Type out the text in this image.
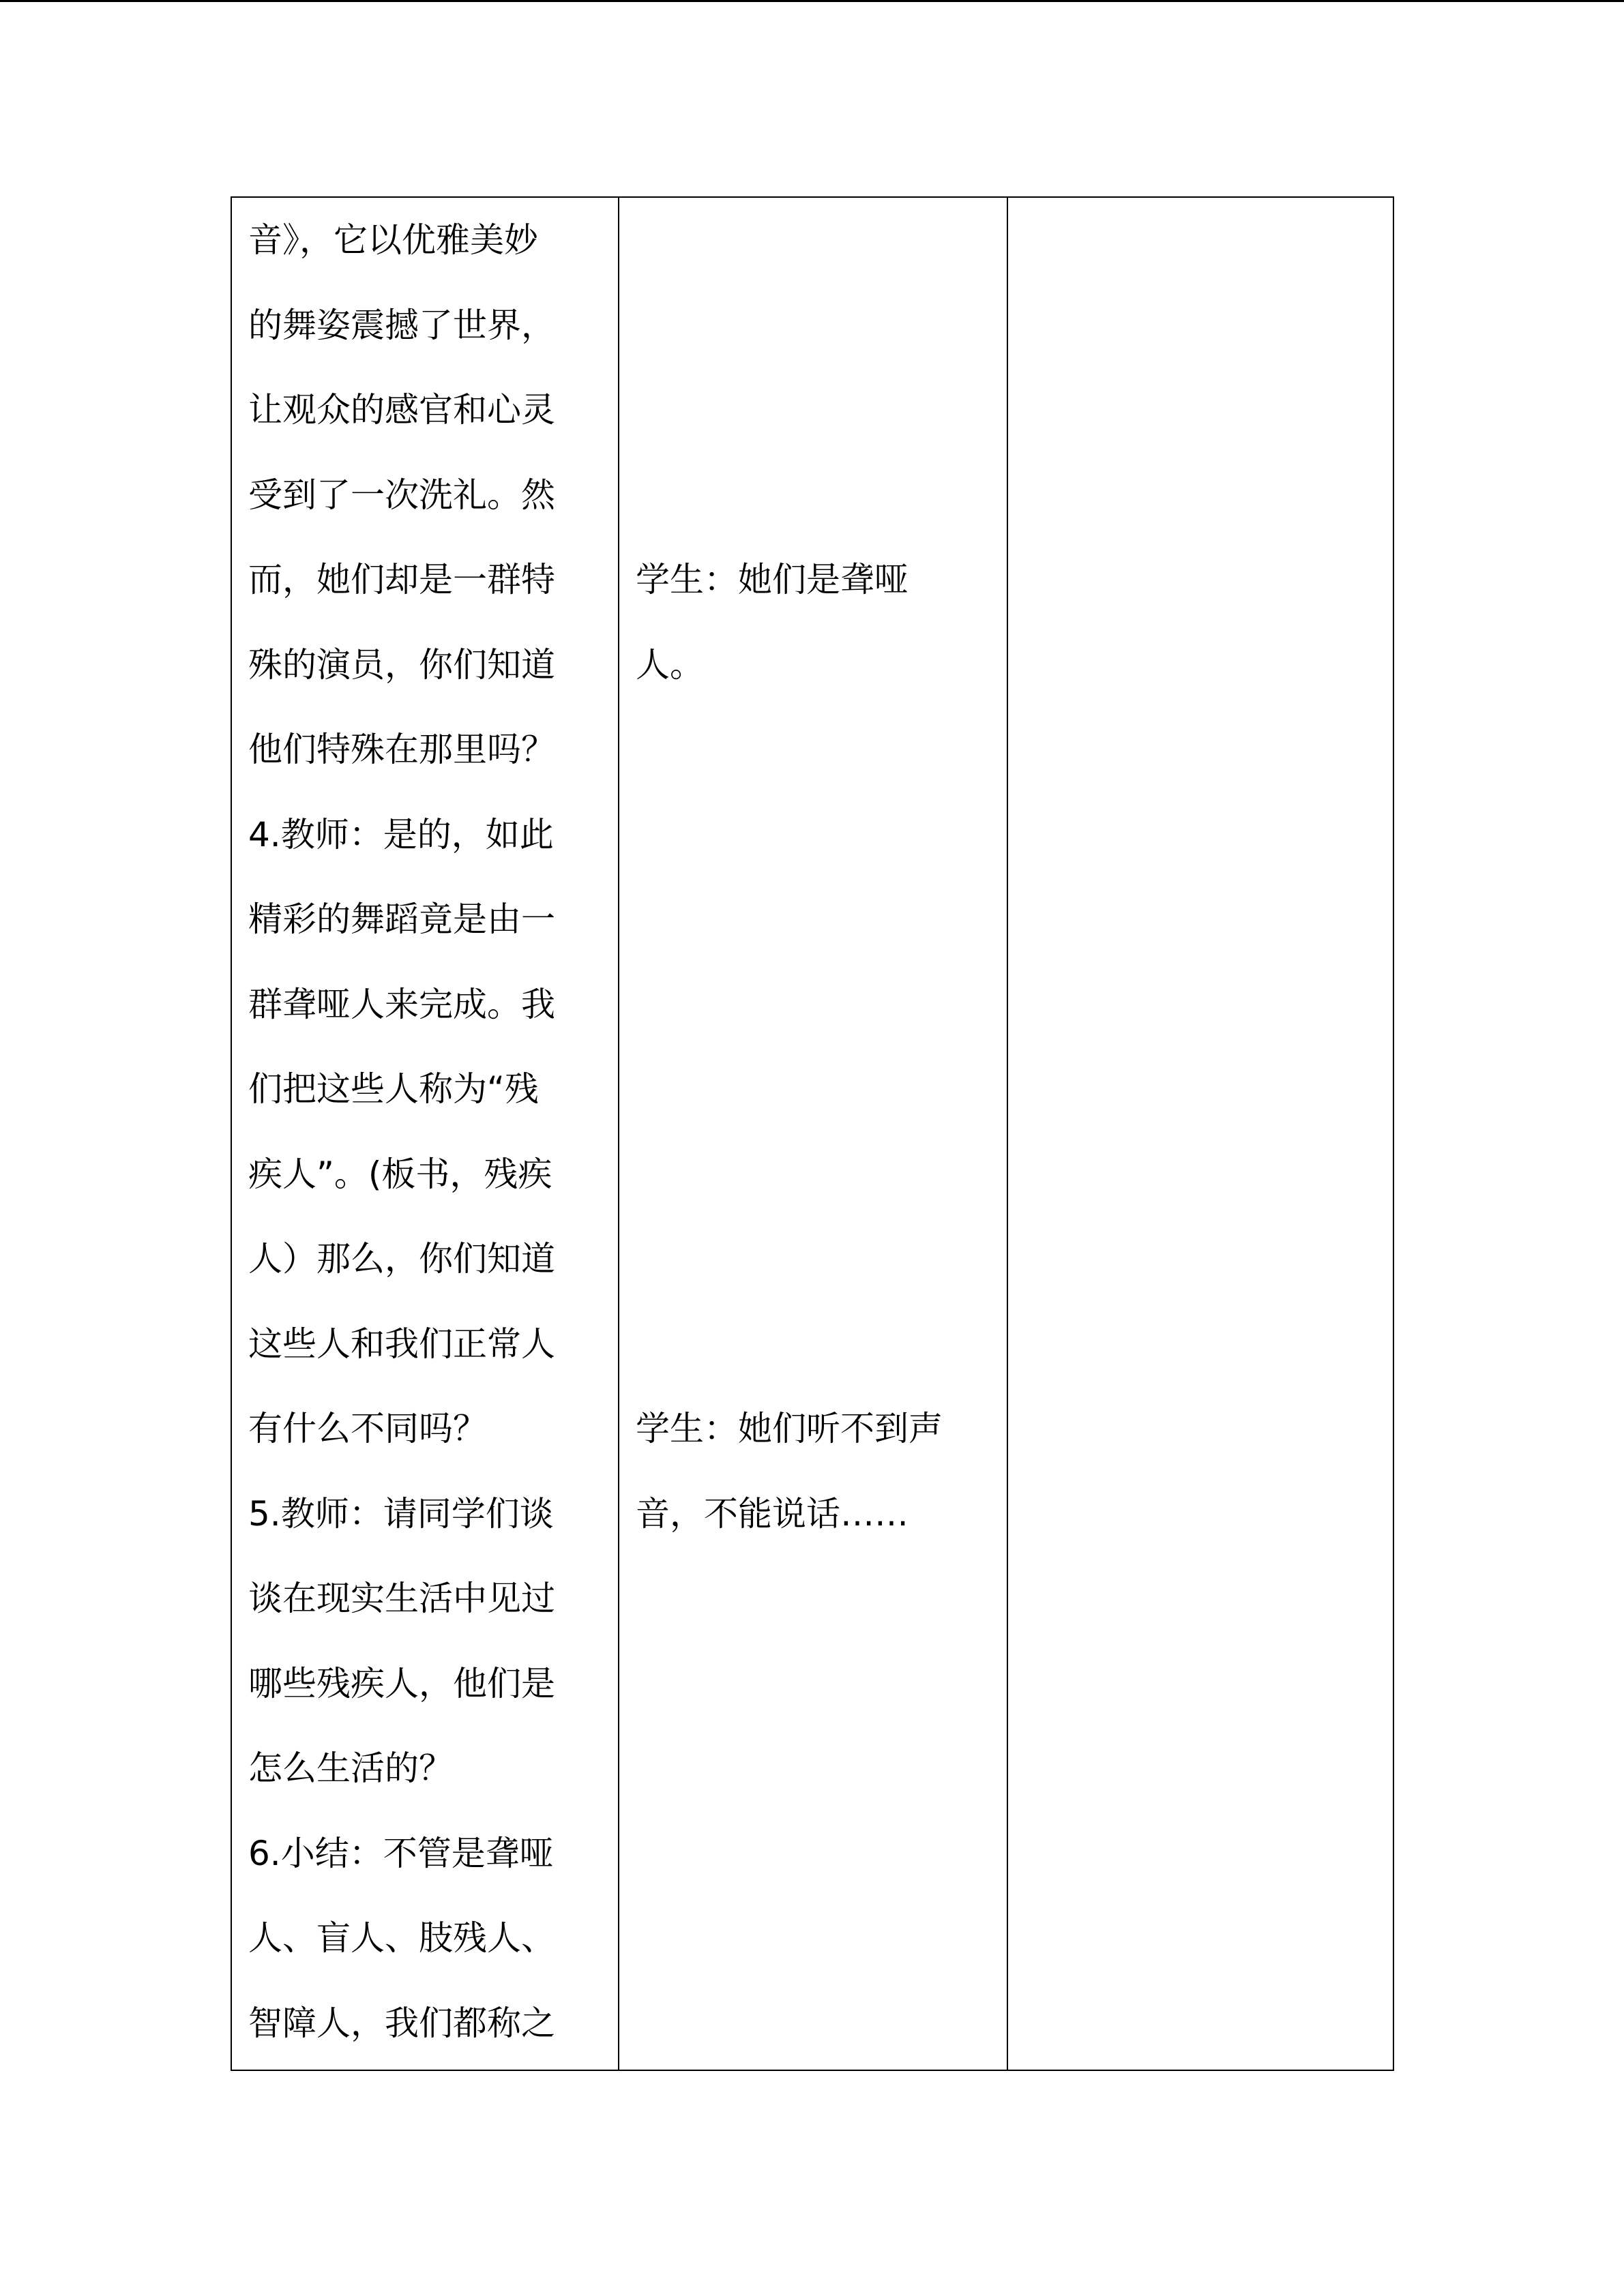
音》，它以优雅美妙
的舞姿震撼了世界，
让观众的感官和心灵
受到了一次洗礼。然
而，她们却是一群特
殊的演员，你们知道
他们特殊在那里吗？
4.教师：是的，如此
精彩的舞蹈竟是由一
群聋哑人来完成。我
们把这些人称为“残
疾人”。(板书，残疾
人）那么，你们知道
这些人和我们正常人
有什么不同吗？
5.教师：请同学们谈
谈在现实生活中见过
哪些残疾人，他们是
怎么生活的？
6.小结：不管是聋哑
人、盲人、肢残人、
智障人，我们都称之
学生：她们是聋哑
人。
学生：她们听不到声
音，不能说话……
